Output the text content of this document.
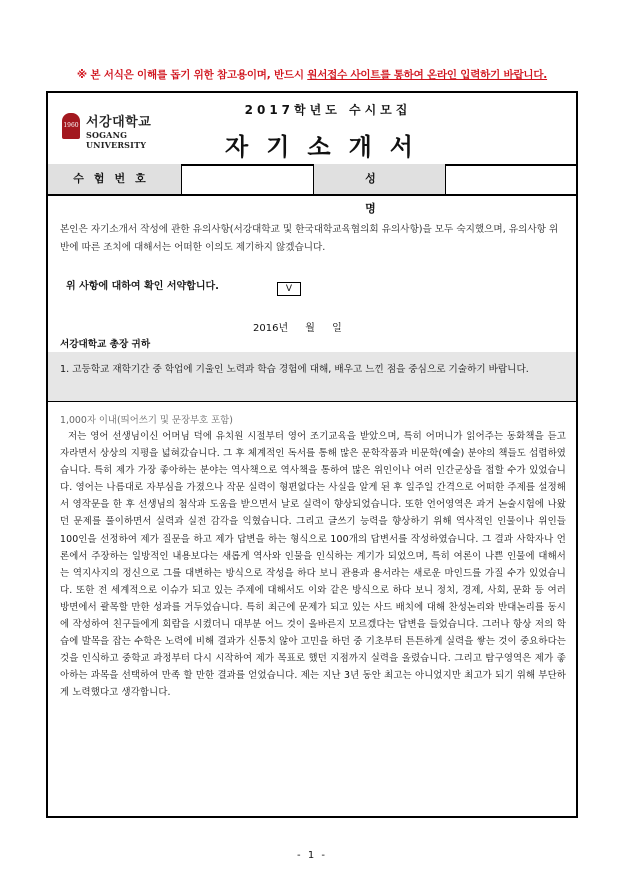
※ 본 서식은 이해를 돕기 위한 참고용이며, 반드시 원서접수 사이트를 통하여 온라인 입력하기 바랍니다.
1960 서강대학교
SOGANG UNIVERSITY
2017학년도 수시모집
자기소개서
수험번호	성명
본인은 자기소개서 작성에 관한 유의사항(서강대학교 및 한국대학교육협의회 유의사항)을 모두 숙지했으며, 유의사항 위반에 따른 조치에 대해서는 어떠한 이의도 제기하지 않겠습니다.
위 사항에 대하여 확인 서약합니다.	V
2016년 월 일
서강대학교 총장 귀하
1. 고등학교 재학기간 중 학업에 기울인 노력과 학습 경험에 대해, 배우고 느낀 점을 중심으로 기술하기 바랍니다.
1,000자 이내(띄어쓰기 및 문장부호 포함)
저는 영어 선생님이신 어머님 덕에 유치원 시절부터 영어 조기교육을 받았으며, 특히 어머니가 읽어주는 동화책을 듣고 자라면서 상상의 지평을 넓혀갔습니다. 그 후 체계적인 독서를 통해 많은 문학작품과 비문학(예술) 분야의 책들도 섭렵하였습니다. 특히 제가 가장 좋아하는 분야는 역사책으로 역사책을 통하여 많은 위인이나 여러 인간군상을 접할 수가 있었습니다. 영어는 나름대로 자부심을 가졌으나 작문 실력이 형편없다는 사실을 알게 된 후 일주일 간격으로 어떠한 주제를 설정해서 영작문을 한 후 선생님의 첨삭과 도움을 받으면서 날로 실력이 향상되었습니다. 또한 언어영역은 과거 논술시험에 나왔던 문제를 풀이하면서 실력과 실전 감각을 익혔습니다. 그리고 글쓰기 능력을 향상하기 위해 역사적인 인물이나 위인들 100인을 선정하여 제가 질문을 하고 제가 답변을 하는 형식으로 100개의 답변서를 작성하였습니다. 그 결과 사학자나 언론에서 주장하는 일방적인 내용보다는 새롭게 역사와 인물을 인식하는 계기가 되었으며, 특히 여론이 나쁜 인물에 대해서는 역지사지의 정신으로 그를 대변하는 방식으로 작성을 하다 보니 관용과 용서라는 새로운 마인드를 가질 수가 있었습니다. 또한 전 세계적으로 이슈가 되고 있는 주제에 대해서도 이와 같은 방식으로 하다 보니 정치, 경제, 사회, 문화 등 여러 방면에서 괄목할 만한 성과를 거두었습니다. 특히 최근에 문제가 되고 있는 사드 배치에 대해 찬성논리와 반대논리를 동시에 작성하여 친구들에게 회람을 시켰더니 대부분 어느 것이 올바른지 모르겠다는 답변을 들었습니다. 그러나 항상 저의 학습에 발목을 잡는 수학은 노력에 비해 결과가 신통치 않아 고민을 하던 중 기초부터 튼튼하게 실력을 쌓는 것이 중요하다는 것을 인식하고 중학교 과정부터 다시 시작하여 제가 목표로 했던 지점까지 실력을 올렸습니다. 그리고 탐구영역은 제가 좋아하는 과목을 선택하여 만족 할 만한 결과를 얻었습니다. 제는 지난 3년 동안 최고는 아니었지만 최고가 되기 위해 부단하게 노력했다고 생각합니다.
- 1 -
